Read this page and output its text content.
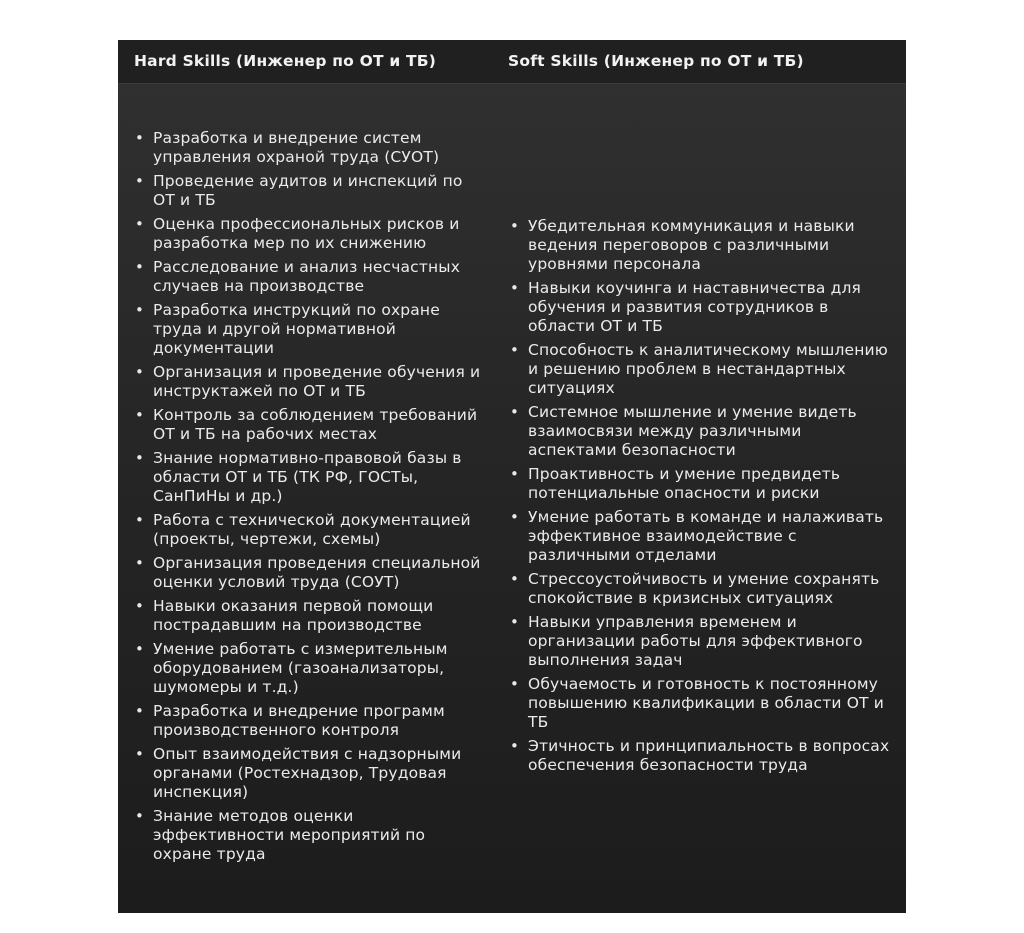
Hard Skills (Инженер по ОТ и ТБ)	Soft Skills (Инженер по ОТ и ТБ)
• Разработка и внедрение систем управления охраной труда (СУОТ)
• Проведение аудитов и инспекций по ОТ и ТБ
• Оценка профессиональных рисков и разработка мер по их снижению
• Расследование и анализ несчастных случаев на производстве
• Разработка инструкций по охране труда и другой нормативной документации
• Организация и проведение обучения и инструктажей по ОТ и ТБ
• Контроль за соблюдением требований ОТ и ТБ на рабочих местах
• Знание нормативно-правовой базы в области ОТ и ТБ (ТК РФ, ГОСТы, СанПиНы и др.)
• Работа с технической документацией (проекты, чертежи, схемы)
• Организация проведения специальной оценки условий труда (СОУТ)
• Навыки оказания первой помощи пострадавшим на производстве
• Умение работать с измерительным оборудованием (газоанализаторы, шумомеры и т.д.)
• Разработка и внедрение программ производственного контроля
• Опыт взаимодействия с надзорными органами (Ростехнадзор, Трудовая инспекция)
• Знание методов оценки эффективности мероприятий по охране труда
• Убедительная коммуникация и навыки ведения переговоров с различными уровнями персонала
• Навыки коучинга и наставничества для обучения и развития сотрудников в области ОТ и ТБ
• Способность к аналитическому мышлению и решению проблем в нестандартных ситуациях
• Системное мышление и умение видеть взаимосвязи между различными аспектами безопасности
• Проактивность и умение предвидеть потенциальные опасности и риски
• Умение работать в команде и налаживать эффективное взаимодействие с различными отделами
• Стрессоустойчивость и умение сохранять спокойствие в кризисных ситуациях
• Навыки управления временем и организации работы для эффективного выполнения задач
• Обучаемость и готовность к постоянному повышению квалификации в области ОТ и ТБ
• Этичность и принципиальность в вопросах обеспечения безопасности труда
